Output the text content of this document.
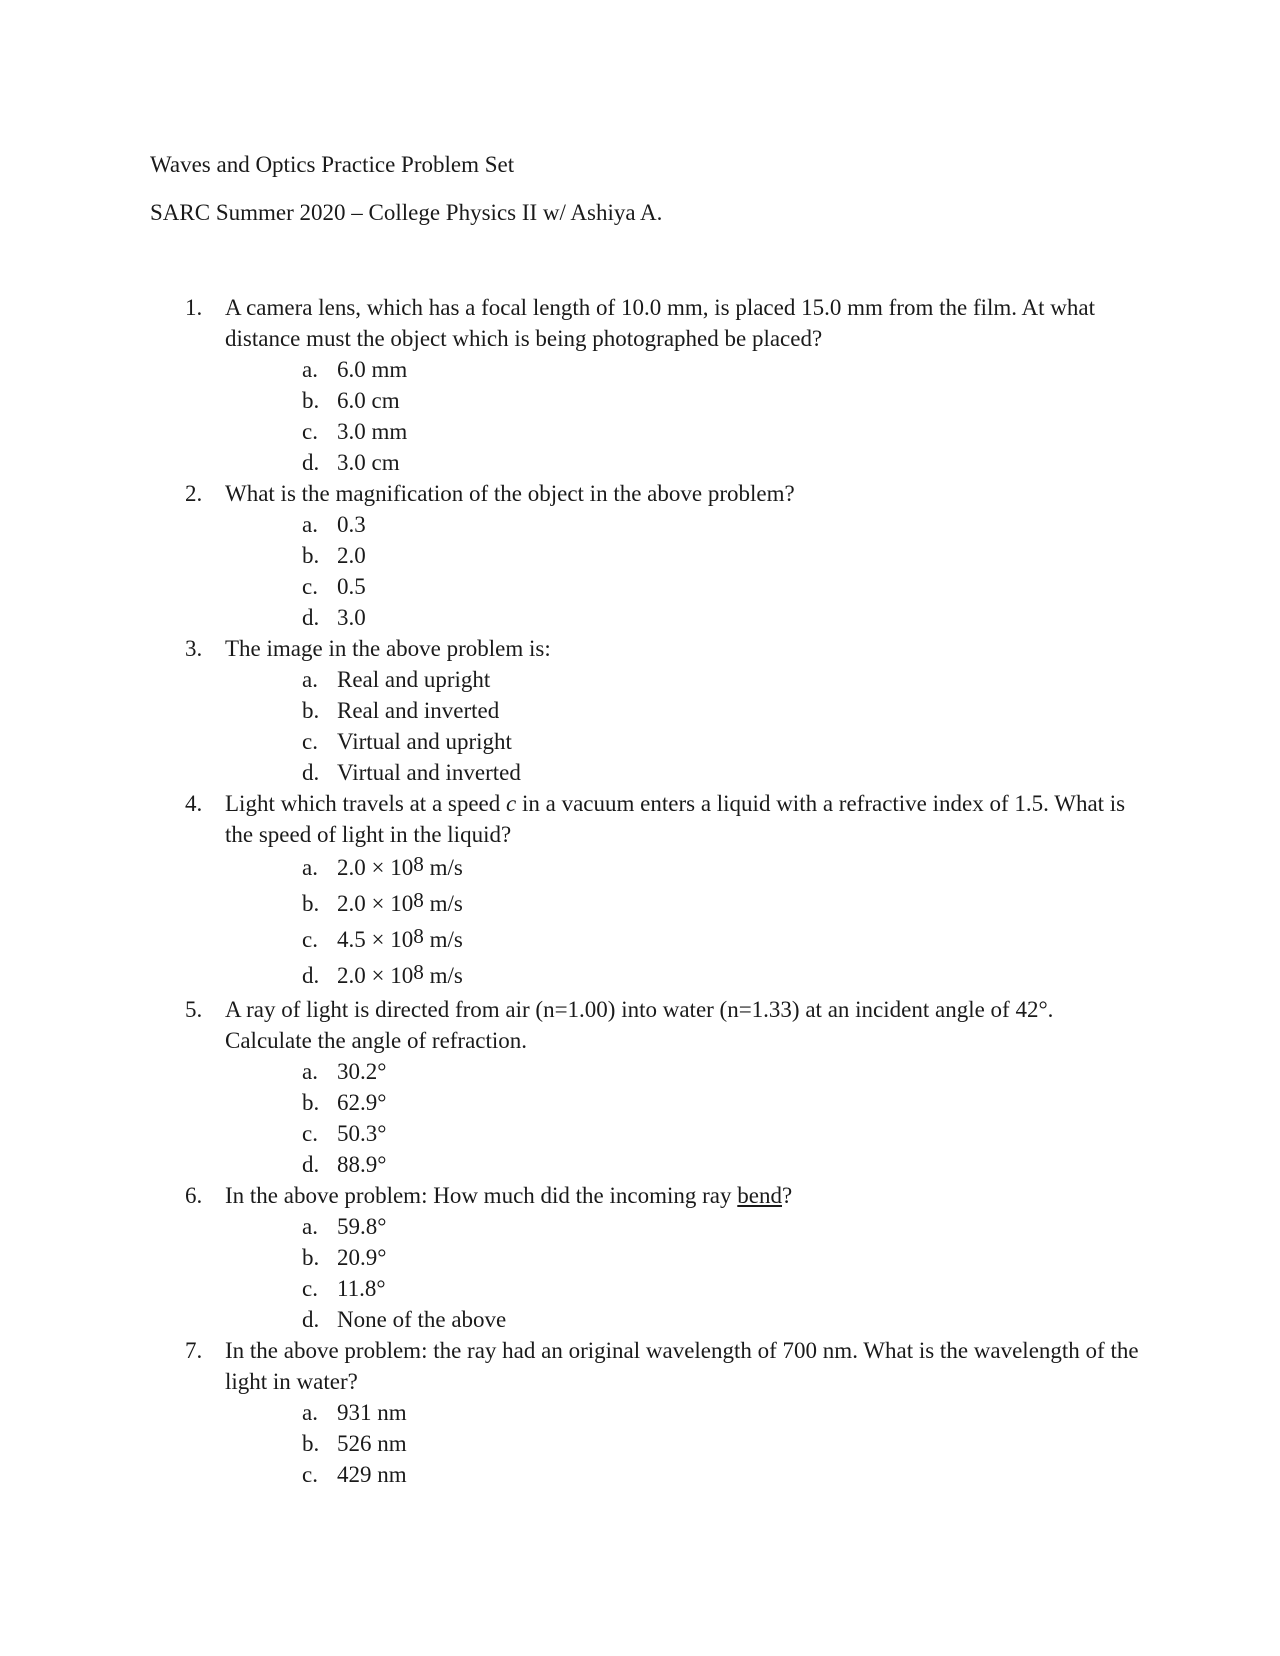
Waves and Optics Practice Problem Set

SARC Summer 2020 – College Physics II w/ Ashiya A.

1. A camera lens, which has a focal length of 10.0 mm, is placed 15.0 mm from the film. At what distance must the object which is being photographed be placed?
a. 6.0 mm
b. 6.0 cm
c. 3.0 mm
d. 3.0 cm
2. What is the magnification of the object in the above problem?
a. 0.3
b. 2.0
c. 0.5
d. 3.0
3. The image in the above problem is:
a. Real and upright
b. Real and inverted
c. Virtual and upright
d. Virtual and inverted
4. Light which travels at a speed c in a vacuum enters a liquid with a refractive index of 1.5. What is the speed of light in the liquid?
a. 2.0 × 108 m/s
b. 2.0 × 108 m/s
c. 4.5 × 108 m/s
d. 2.0 × 108 m/s
5. A ray of light is directed from air (n=1.00) into water (n=1.33) at an incident angle of 42°. Calculate the angle of refraction.
a. 30.2°
b. 62.9°
c. 50.3°
d. 88.9°
6. In the above problem: How much did the incoming ray bend?
a. 59.8°
b. 20.9°
c. 11.8°
d. None of the above
7. In the above problem: the ray had an original wavelength of 700 nm. What is the wavelength of the light in water?
a. 931 nm
b. 526 nm
c. 429 nm
